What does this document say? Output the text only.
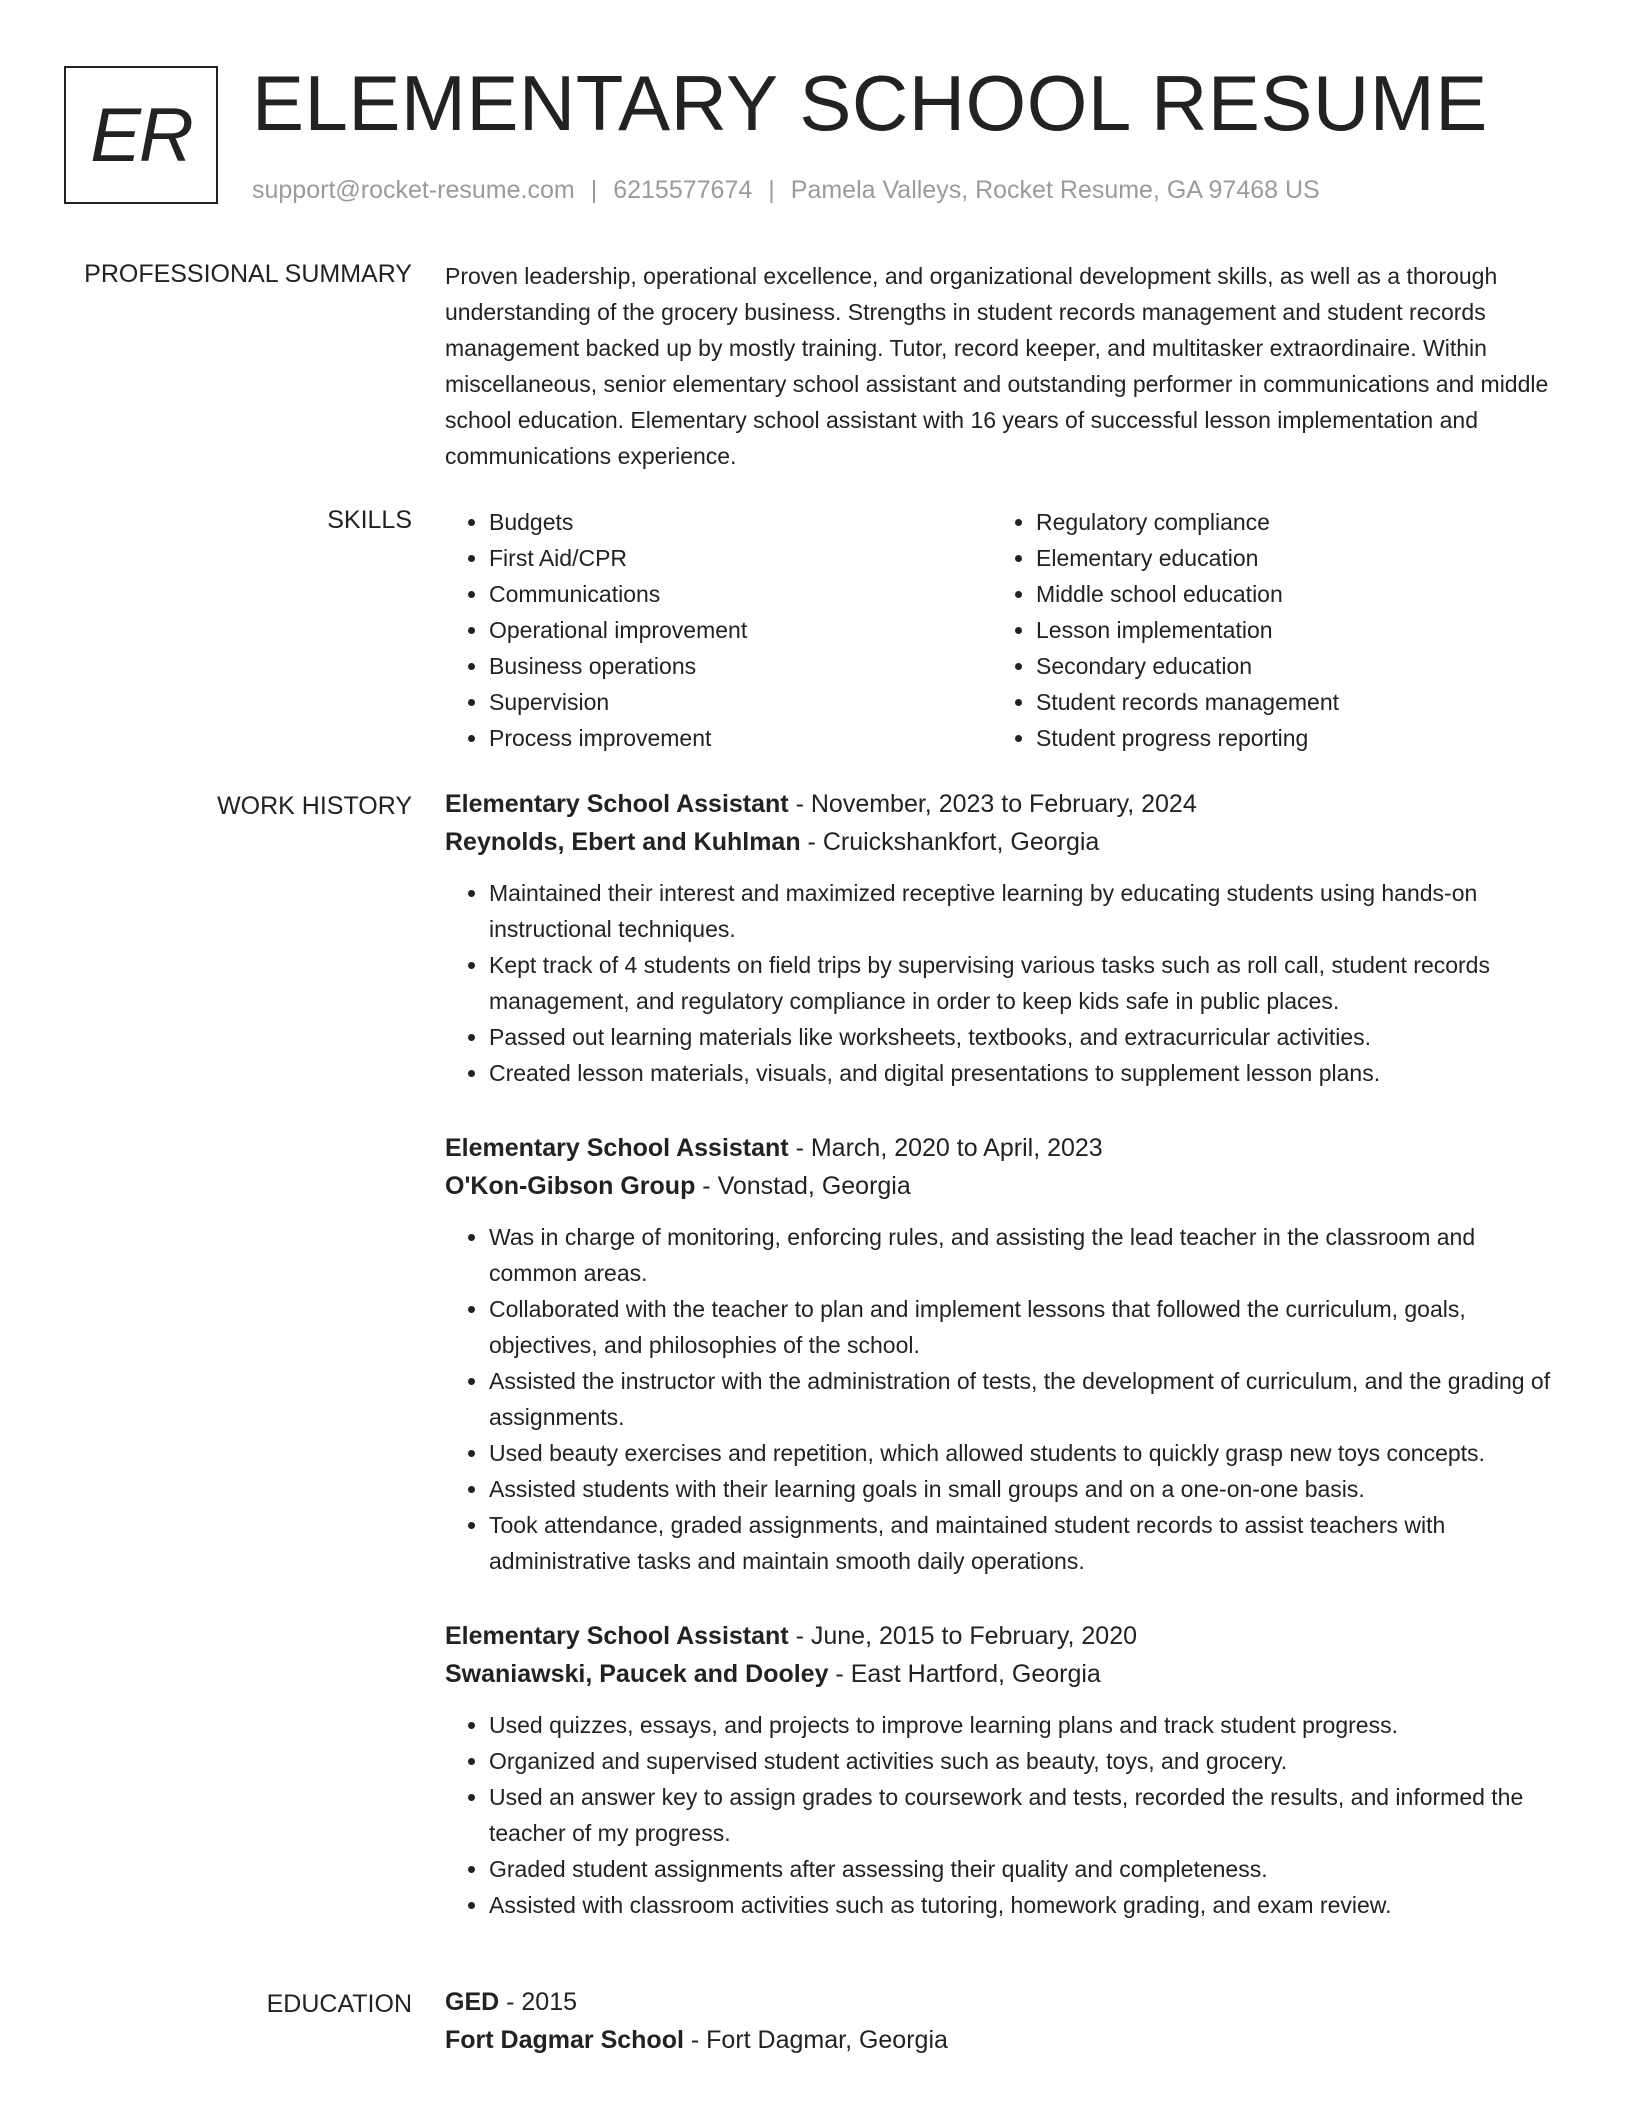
ER ELEMENTARY SCHOOL RESUME
support@rocket-resume.com | 6215577674 | Pamela Valleys, Rocket Resume, GA 97468 US
PROFESSIONAL SUMMARY Proven leadership, operational excellence, and organizational development skills, as well as a thorough understanding of the grocery business. Strengths in student records management and student records management backed up by mostly training. Tutor, record keeper, and multitasker extraordinaire. Within miscellaneous, senior elementary school assistant and outstanding performer in communications and middle school education. Elementary school assistant with 16 years of successful lesson implementation and communications experience.

SKILLS
•	Budgets
• First Aid/CPR
• Communications
• Operational improvement
• Business operations
• Supervision
• Process improvement
• Regulatory compliance
• Elementary education
• Middle school education
• Lesson implementation
• Secondary education
• Student records management
• Student progress reporting
WORK HISTORY Elementary School Assistant - November, 2023 to February, 2024
Reynolds, Ebert and Kuhlman - Cruickshankfort, Georgia
• Maintained their interest and maximized receptive learning by educating students using hands-on instructional techniques.
• Kept track of 4 students on field trips by supervising various tasks such as roll call, student records management, and regulatory compliance in order to keep kids safe in public places.
• Passed out learning materials like worksheets, textbooks, and extracurricular activities.
• Created lesson materials, visuals, and digital presentations to supplement lesson plans.
Elementary School Assistant - March, 2020 to April, 2023
O'Kon-Gibson Group - Vonstad, Georgia
• Was in charge of monitoring, enforcing rules, and assisting the lead teacher in the classroom and common areas.
• Collaborated with the teacher to plan and implement lessons that followed the curriculum, goals, objectives, and philosophies of the school.
• Assisted the instructor with the administration of tests, the development of curriculum, and the grading of assignments.
• Used beauty exercises and repetition, which allowed students to quickly grasp new toys concepts.
• Assisted students with their learning goals in small groups and on a one-on-one basis.
• Took attendance, graded assignments, and maintained student records to assist teachers with administrative tasks and maintain smooth daily operations.
Elementary School Assistant - June, 2015 to February, 2020
Swaniawski, Paucek and Dooley - East Hartford, Georgia
• Used quizzes, essays, and projects to improve learning plans and track student progress.
• Organized and supervised student activities such as beauty, toys, and grocery.
• Used an answer key to assign grades to coursework and tests, recorded the results, and informed the teacher of my progress.
• Graded student assignments after assessing their quality and completeness.
• Assisted with classroom activities such as tutoring, homework grading, and exam review.
EDUCATION GED - 2015
Fort Dagmar School - Fort Dagmar, Georgia
